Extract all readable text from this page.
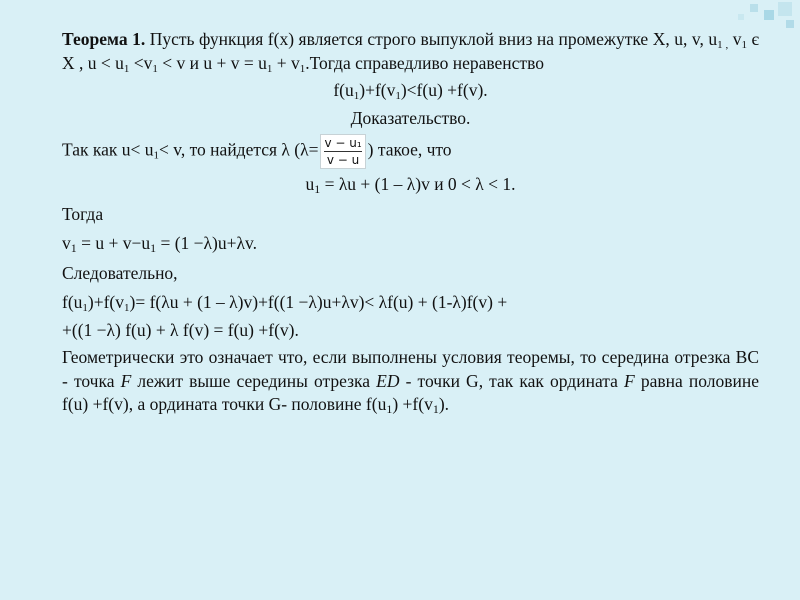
Теорема 1. Пусть функция f(x) является строго выпуклой вниз на промежутке X, u, v, $u_{1 ,}$ $v_1$ є X , $u < u_1 <v_1 < v$ и $u + v = u_1$ + $v_1.Тогда$ справедливо неравенство

$f(u_1)+f(v_1)<f(u) +f(v)$.

Доказательство.

Так как $u< u_1< v$, то найдется λ ($\lambda= \frac{\text{v − u₁}}{v - u}$ ) такое, что

$u_1 = \lambda u + (1 - \lambda)v$ и 0 < λ < 1.

Тогда

$v_1 = u + v-u_1 = (1 -\lambda)u+\lambda v$.

Следовательно,

$f(u_1)+f(v_1)= f(\lambda u + (1 - \lambda)v)+f((1 -\lambda)u+\lambda v)< \lambda f(u) + (1-\lambda)f(v)$ +

+((1 −λ) f(u) + λ f(v) = f(u) +f(v).

Геометрически это означает что, если выполнены условия теоремы, то середина отрезка BC - точка F лежит выше середины отрезка ED - точки G, так как ордината F равна половине f(u) +f(v), а ордината точки G- половине $f(u_1) +f(v_1)$.
